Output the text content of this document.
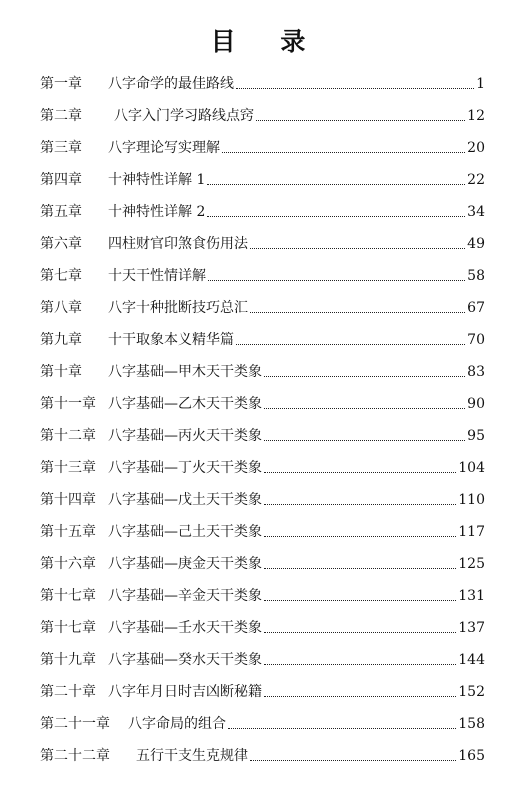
目 录
第一章 八字命学的最佳路线	1
第二章 八字入门学习路线点窍	12
第三章 八字理论写实理解	20
第四章 十神特性详解 1	22
第五章 十神特性详解 2	34
第六章 四柱财官印煞食伤用法	49
第七章 十天干性情详解	58
第八章 八字十种批断技巧总汇	67
第九章 十干取象本义精华篇	70
第十章 八字基础—甲木天干类象	83
第十一章 八字基础—乙木天干类象	90
第十二章 八字基础—丙火天干类象	95
第十三章 八字基础—丁火天干类象	104
第十四章 八字基础—戊土天干类象	110
第十五章 八字基础—己土天干类象	117
第十六章 八字基础—庚金天干类象	125
第十七章 八字基础—辛金天干类象	131
第十七章 八字基础—壬水天干类象	137
第十九章 八字基础—癸水天干类象	144
第二十章 八字年月日时吉凶断秘籍	152
第二十一章 八字命局的组合	158
第二十二章 五行干支生克规律	165
